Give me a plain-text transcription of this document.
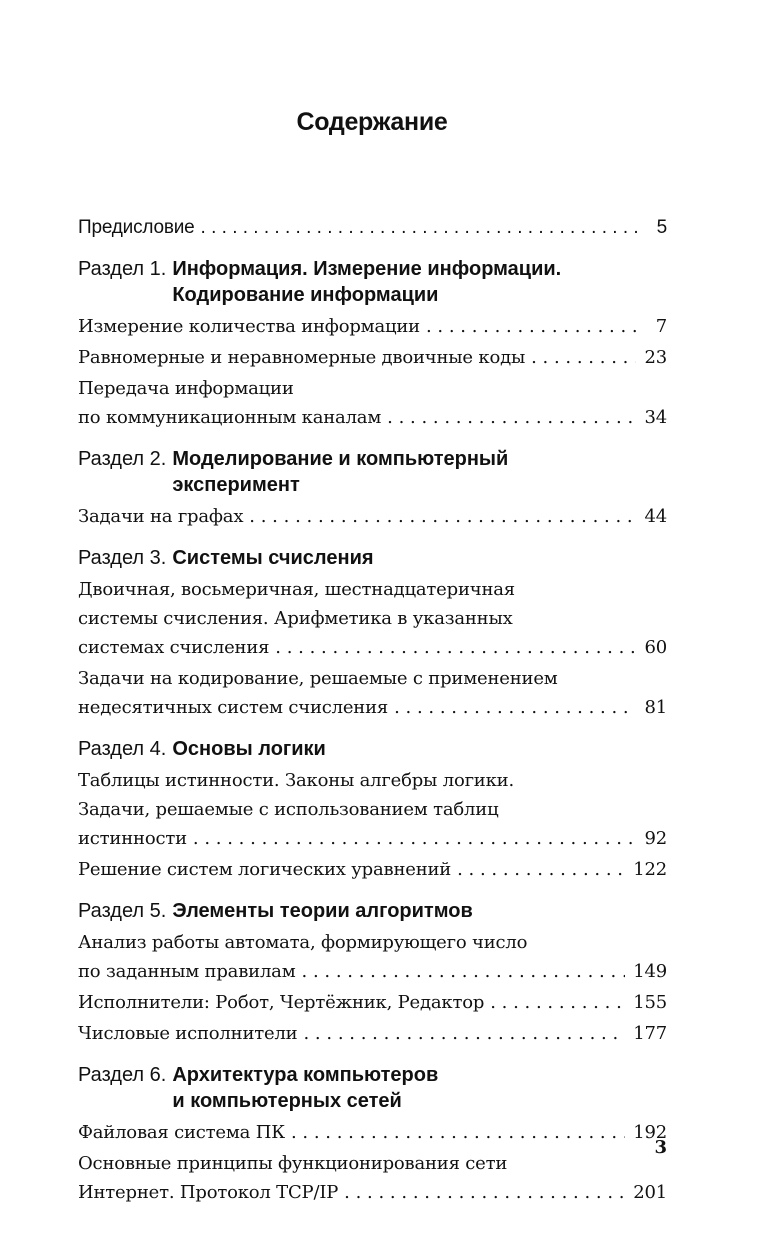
Содержание
Предисловие . . .	5
Раздел 1. Информация. Измерение информации.
Кодирование информации
Измерение количества информации . . .	7
Равномерные и неравномерные двоичные коды . . .	23
Передача информации
по коммуникационным каналам . . .	34
Раздел 2. Моделирование и компьютерный
эксперимент
Задачи на графах . . .	44
Раздел 3. Системы счисления
Двоичная, восьмеричная, шестнадцатеричная
системы счисления. Арифметика в указанных
системах счисления . . .	60
Задачи на кодирование, решаемые с применением
недесятичных систем счисления . . .	81
Раздел 4. Основы логики
Таблицы истинности. Законы алгебры логики.
Задачи, решаемые с использованием таблиц
истинности . . .	92
Решение систем логических уравнений . . .	122
Раздел 5. Элементы теории алгоритмов
Анализ работы автомата, формирующего число
по заданным правилам . . .	149
Исполнители: Робот, Чертёжник, Редактор . . .	155
Числовые исполнители . . .	177
Раздел 6. Архитектура компьютеров
и компьютерных сетей
Файловая система ПК . . .	192
Основные принципы функционирования сети
Интернет. Протокол TCP/IP . . .	201
3
